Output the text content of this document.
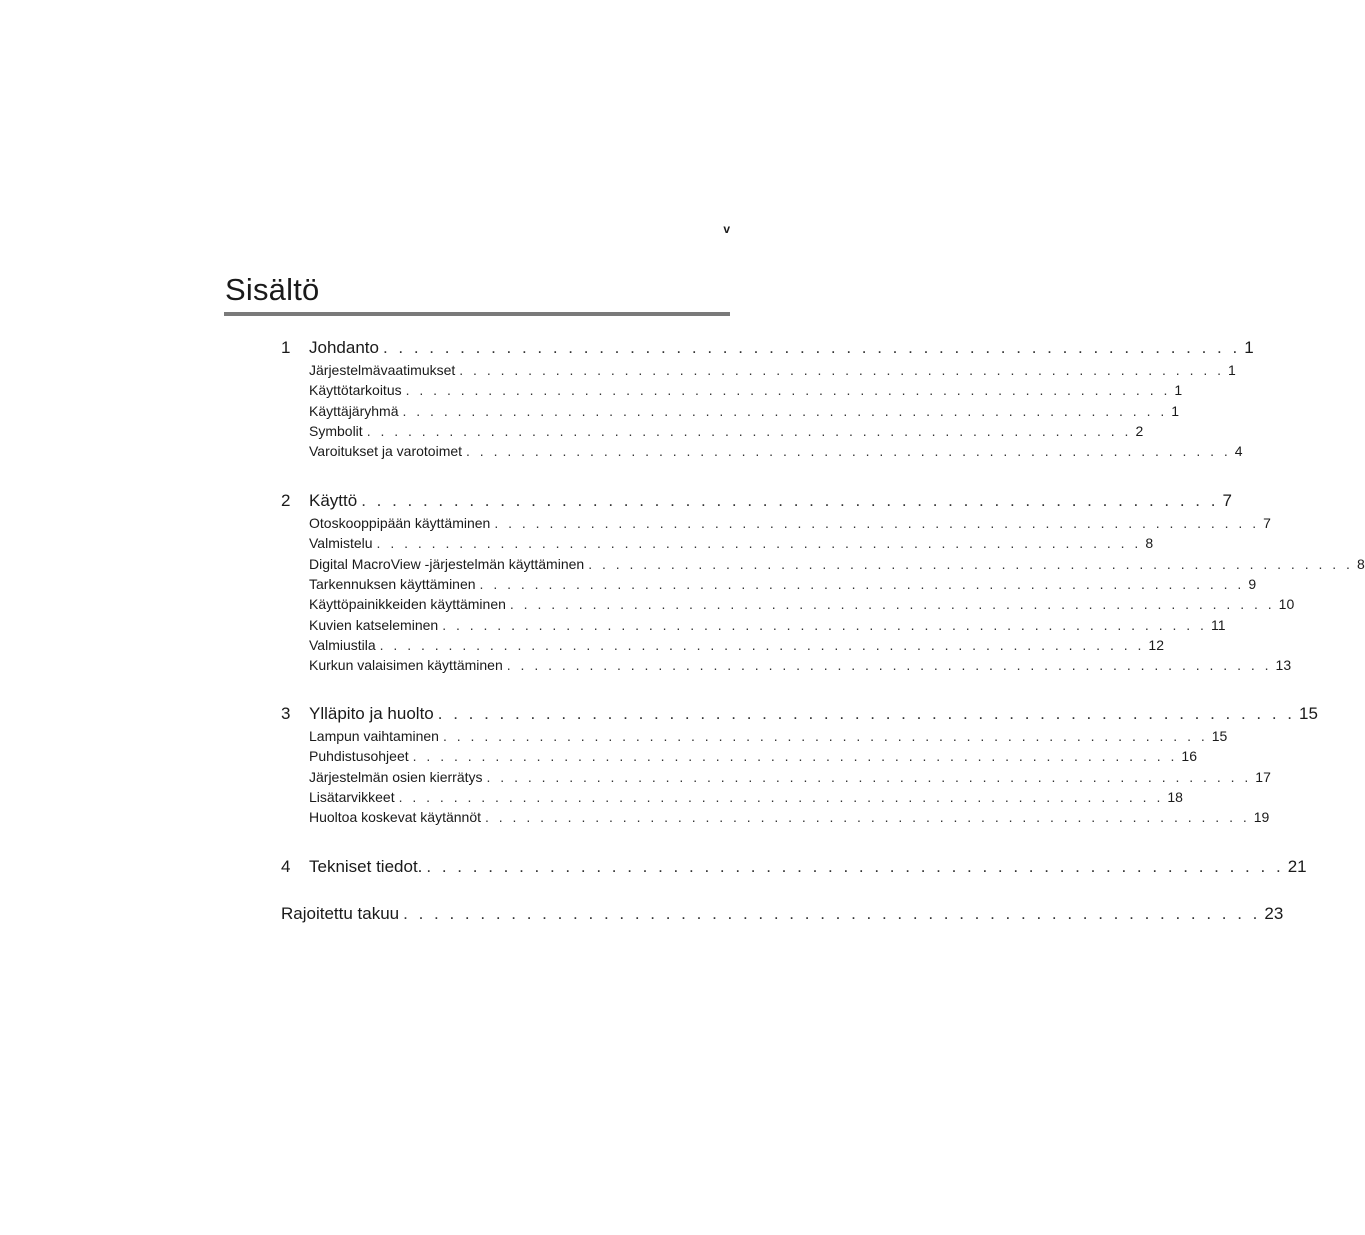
v
Sisältö
1	Johdanto . . . . . . . . . . . . . . . . . . . . . . . . . . . . . . . . . . . . . . . . . . . . . . . . . . . . . . . . 1
Järjestelmävaatimukset . . . . . . . . . . . . . . . . . . . . . . . . . . . . . . . . . . . . . . . . . . . . . . . . . . . . . . . . 1
Käyttötarkoitus . . . . . . . . . . . . . . . . . . . . . . . . . . . . . . . . . . . . . . . . . . . . . . . . . . . . . . . . 1
Käyttäjäryhmä . . . . . . . . . . . . . . . . . . . . . . . . . . . . . . . . . . . . . . . . . . . . . . . . . . . . . . . . 1
Symbolit . . . . . . . . . . . . . . . . . . . . . . . . . . . . . . . . . . . . . . . . . . . . . . . . . . . . . . . . 2
Varoitukset ja varotoimet . . . . . . . . . . . . . . . . . . . . . . . . . . . . . . . . . . . . . . . . . . . . . . . . . . . . . . . . 4
2	Käyttö . . . . . . . . . . . . . . . . . . . . . . . . . . . . . . . . . . . . . . . . . . . . . . . . . . . . . . . . 7
Otoskooppipään käyttäminen . . . . . . . . . . . . . . . . . . . . . . . . . . . . . . . . . . . . . . . . . . . . . . . . . . . . . . . . 7
Valmistelu . . . . . . . . . . . . . . . . . . . . . . . . . . . . . . . . . . . . . . . . . . . . . . . . . . . . . . . . 8
Digital MacroView -järjestelmän käyttäminen . . . . . . . . . . . . . . . . . . . . . . . . . . . . . . . . . . . . . . . . . . . . . . . . . . . . . . . . 8
Tarkennuksen käyttäminen . . . . . . . . . . . . . . . . . . . . . . . . . . . . . . . . . . . . . . . . . . . . . . . . . . . . . . . . 9
Käyttöpainikkeiden käyttäminen . . . . . . . . . . . . . . . . . . . . . . . . . . . . . . . . . . . . . . . . . . . . . . . . . . . . . . . . 10
Kuvien katseleminen . . . . . . . . . . . . . . . . . . . . . . . . . . . . . . . . . . . . . . . . . . . . . . . . . . . . . . . . 11
Valmiustila . . . . . . . . . . . . . . . . . . . . . . . . . . . . . . . . . . . . . . . . . . . . . . . . . . . . . . . . 12
Kurkun valaisimen käyttäminen . . . . . . . . . . . . . . . . . . . . . . . . . . . . . . . . . . . . . . . . . . . . . . . . . . . . . . . . 13
3	Ylläpito ja huolto . . . . . . . . . . . . . . . . . . . . . . . . . . . . . . . . . . . . . . . . . . . . . . . . . . . . . . . . 15
Lampun vaihtaminen . . . . . . . . . . . . . . . . . . . . . . . . . . . . . . . . . . . . . . . . . . . . . . . . . . . . . . . . 15
Puhdistusohjeet . . . . . . . . . . . . . . . . . . . . . . . . . . . . . . . . . . . . . . . . . . . . . . . . . . . . . . . . 16
Järjestelmän osien kierrätys . . . . . . . . . . . . . . . . . . . . . . . . . . . . . . . . . . . . . . . . . . . . . . . . . . . . . . . . 17
Lisätarvikkeet . . . . . . . . . . . . . . . . . . . . . . . . . . . . . . . . . . . . . . . . . . . . . . . . . . . . . . . . 18
Huoltoa koskevat käytännöt . . . . . . . . . . . . . . . . . . . . . . . . . . . . . . . . . . . . . . . . . . . . . . . . . . . . . . . . 19
4	Tekniset tiedot. . . . . . . . . . . . . . . . . . . . . . . . . . . . . . . . . . . . . . . . . . . . . . . . . . . . . . . . . 21
Rajoitettu takuu . . . . . . . . . . . . . . . . . . . . . . . . . . . . . . . . . . . . . . . . . . . . . . . . . . . . . . . . 23
